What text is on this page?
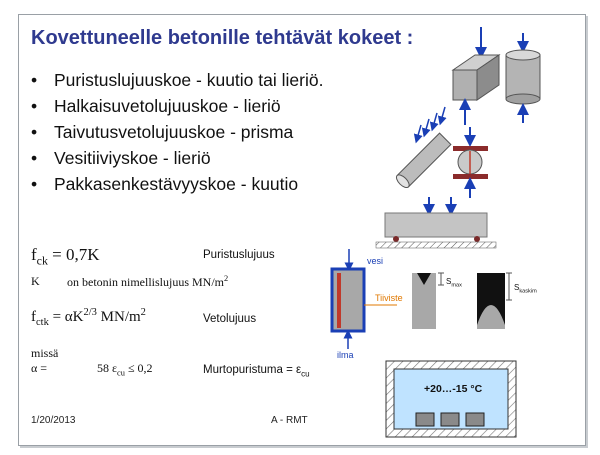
Kovettuneelle betonille tehtävät kokeet :
• Puristuslujuuskoe - kuutio tai lieriö.
• Halkaisuvetolujuuskoe - lieriö
• Taivutusvetolujuuskoe - prisma
• Vesitiiviyskoe - lieriö
• Pakkasenkestävyyskoe - kuutio
$f_{ck} = 0,7K$	Puristuslujuus
K on betonin nimellislujuus $MN/m^2$
$f_{ctk} = \alpha K^{2/3}$ $MN/m^2$
Vetolujuus
missä
α =	58 $\varepsilon_{cu} \le 0,2$	Murtopuristuma = $\varepsilon_{cu}$
vesi
Tiiviste
ilma
$S_{max}$	$S_{kaskim}$
+20…-15 °C
1/20/2013	A - RMT
